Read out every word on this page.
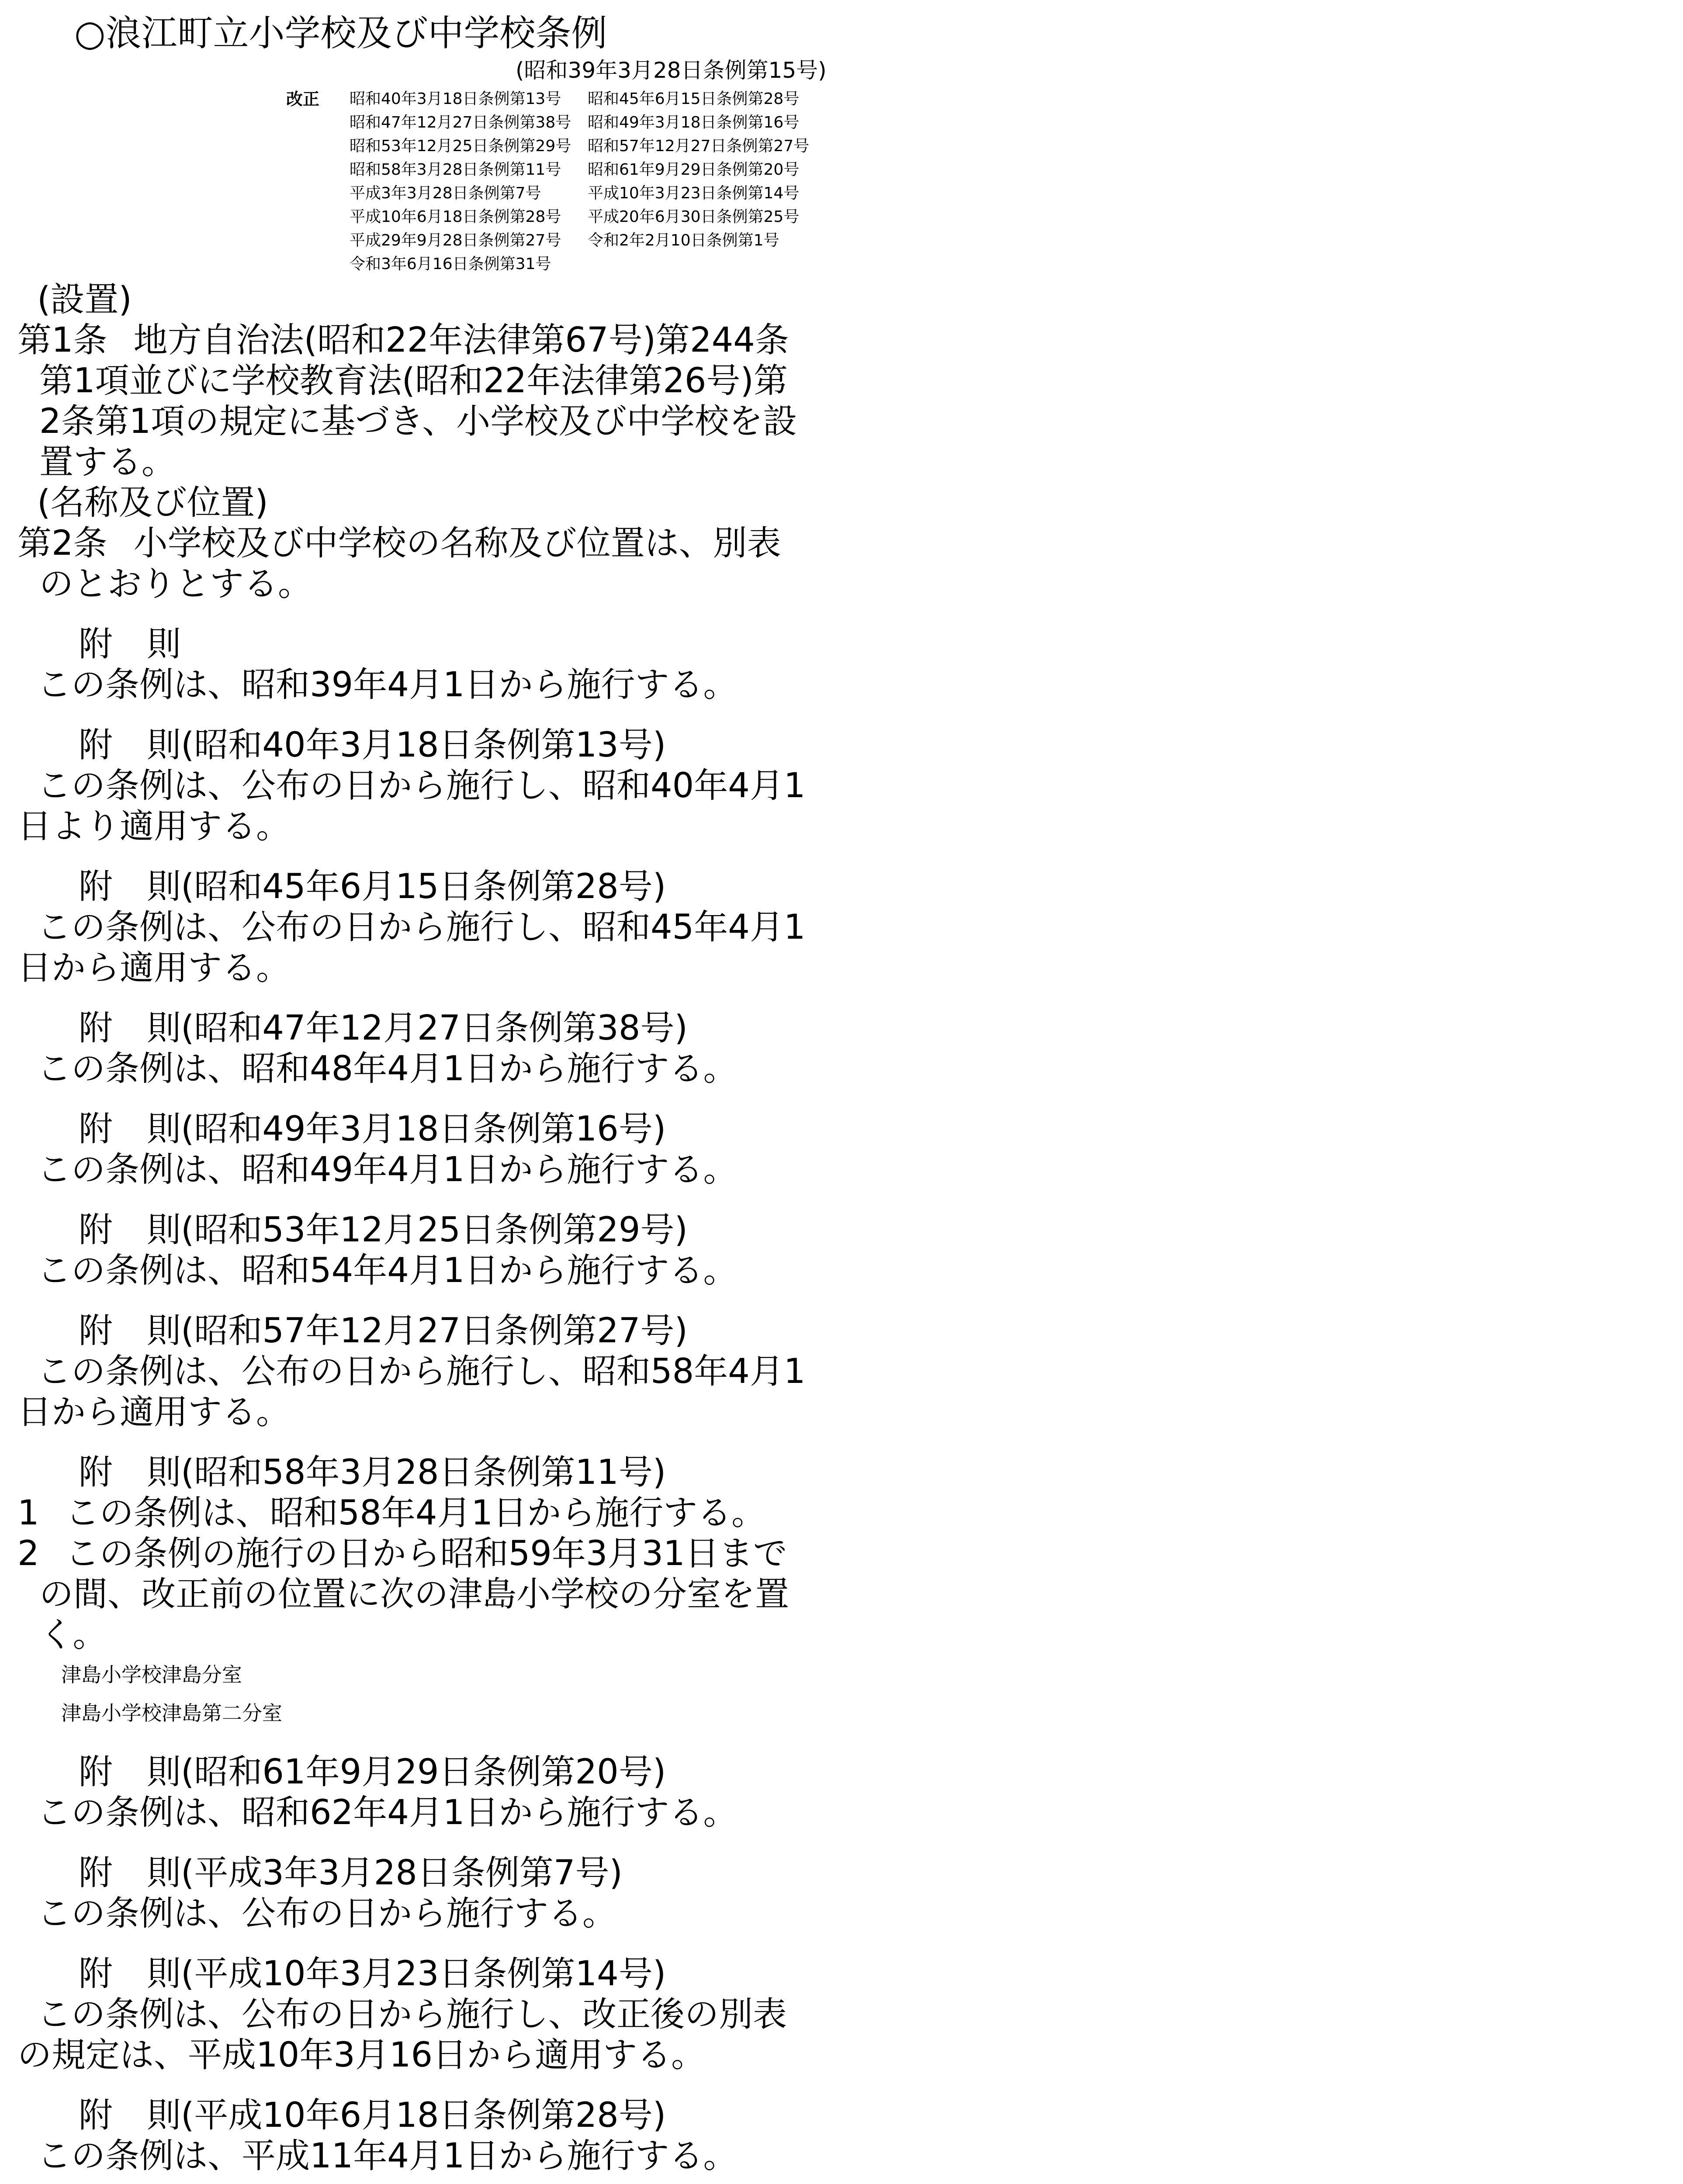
○浪江町立小学校及び中学校条例
(昭和39年3月28日条例第15号)
改正 昭和40年3月18日条例第13号	昭和45年6月15日条例第28号
昭和47年12月27日条例第38号	昭和49年3月18日条例第16号
昭和53年12月25日条例第29号	昭和57年12月27日条例第27号
昭和58年3月28日条例第11号	昭和61年9月29日条例第20号
平成3年3月28日条例第7号	平成10年3月23日条例第14号
平成10年6月18日条例第28号	平成20年6月30日条例第25号
平成29年9月28日条例第27号	令和2年2月10日条例第1号
令和3年6月16日条例第31号
(設置)
第1条 地方自治法(昭和22年法律第67号)第244条第1項並びに学校教育法(昭和22年法律第26号)第2条第1項の規定に基づき、小学校及び中学校を設置する。
(名称及び位置)
第2条 小学校及び中学校の名称及び位置は、別表のとおりとする。
附　則
この条例は、昭和39年4月1日から施行する。
附　則(昭和40年3月18日条例第13号)
この条例は、公布の日から施行し、昭和40年4月1日より適用する。
附　則(昭和45年6月15日条例第28号)
この条例は、公布の日から施行し、昭和45年4月1日から適用する。
附　則(昭和47年12月27日条例第38号)
この条例は、昭和48年4月1日から施行する。
附　則(昭和49年3月18日条例第16号)
この条例は、昭和49年4月1日から施行する。
附　則(昭和53年12月25日条例第29号)
この条例は、昭和54年4月1日から施行する。
附　則(昭和57年12月27日条例第27号)
この条例は、公布の日から施行し、昭和58年4月1日から適用する。
附　則(昭和58年3月28日条例第11号)
1 この条例は、昭和58年4月1日から施行する。
2 この条例の施行の日から昭和59年3月31日までの間、改正前の位置に次の津島小学校の分室を置く。
津島小学校津島分室
津島小学校津島第二分室
附　則(昭和61年9月29日条例第20号)
この条例は、昭和62年4月1日から施行する。
附　則(平成3年3月28日条例第7号)
この条例は、公布の日から施行する。
附　則(平成10年3月23日条例第14号)
この条例は、公布の日から施行し、改正後の別表の規定は、平成10年3月16日から適用する。
附　則(平成10年6月18日条例第28号)
この条例は、平成11年4月1日から施行する。
